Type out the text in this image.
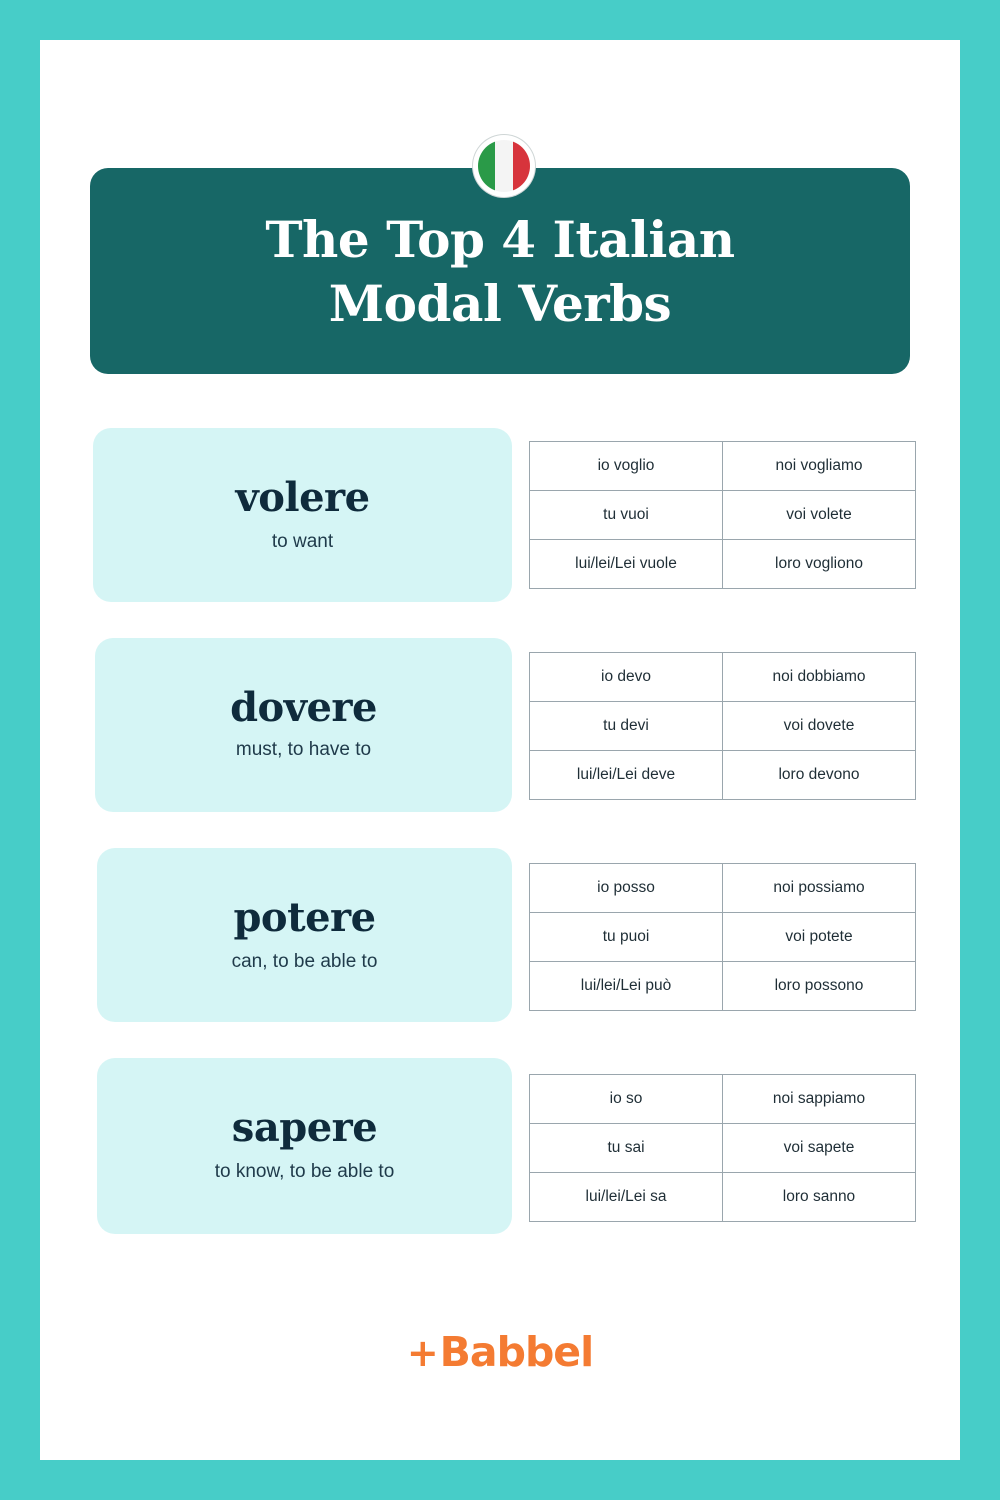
The Top 4 Italian
Modal Verbs
volere
to want
io voglio	noi vogliamo
tu vuoi	voi volete
lui/lei/Lei vuole	loro vogliono
dovere
must, to have to
io devo	noi dobbiamo
tu devi	voi dovete
lui/lei/Lei deve	loro devono
potere
can, to be able to
io posso	noi possiamo
tu puoi	voi potete
lui/lei/Lei può	loro possono
sapere
to know, to be able to
io so	noi sappiamo
tu sai	voi sapete
lui/lei/Lei sa	loro sanno
+Babbel
